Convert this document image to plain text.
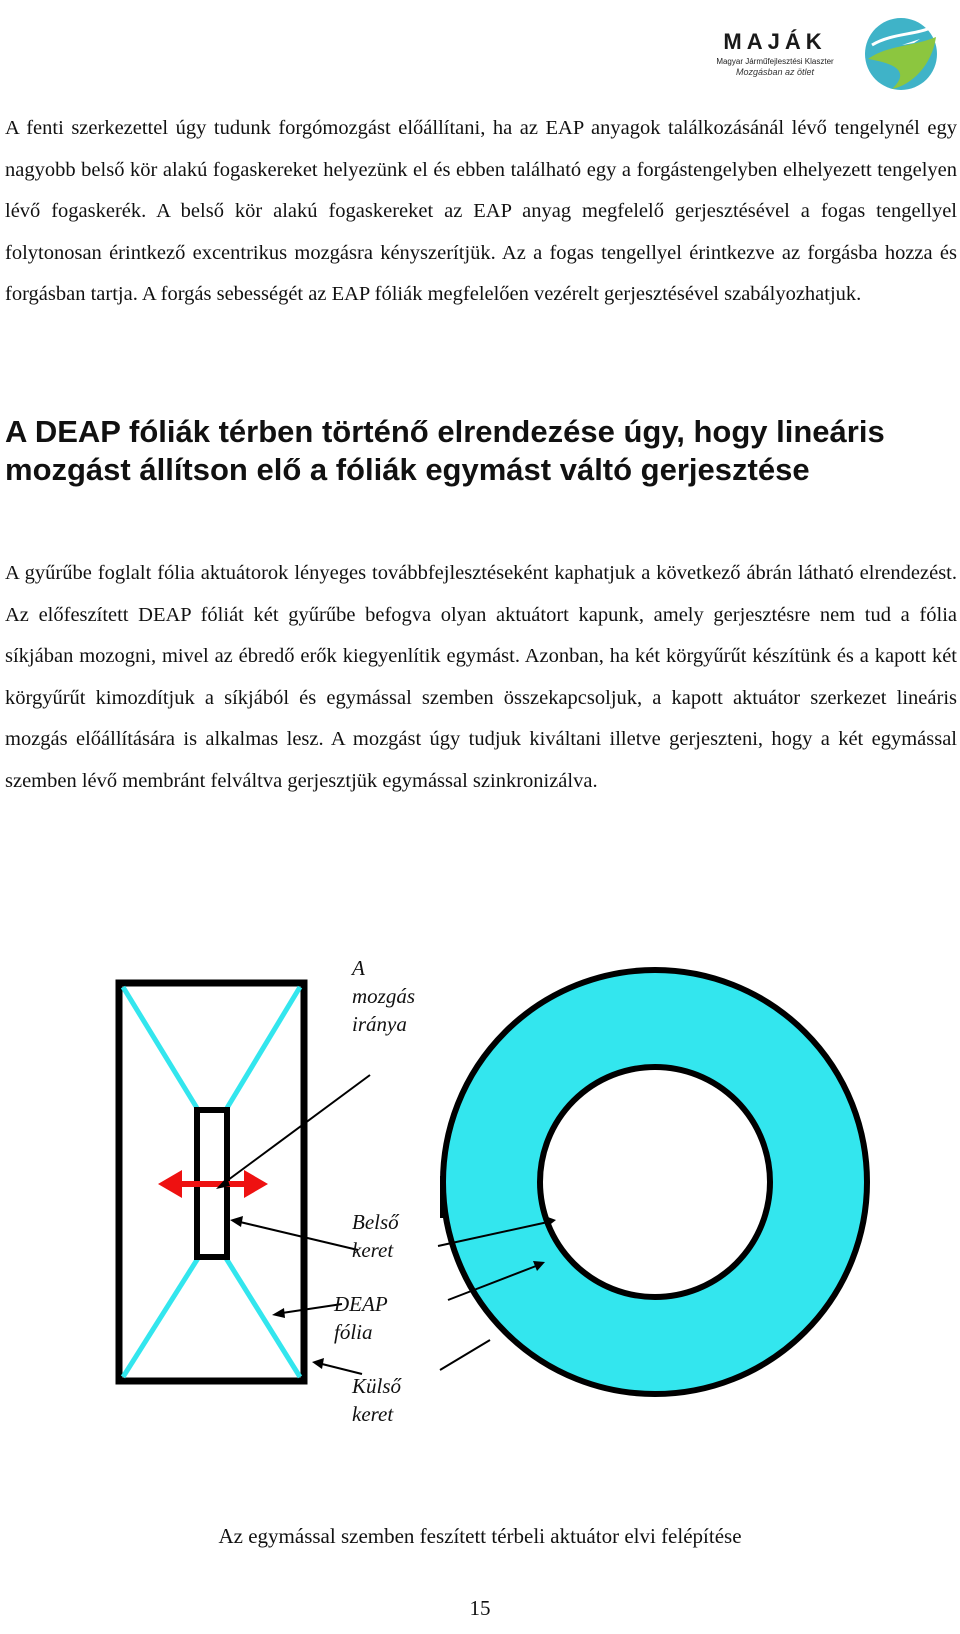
MAJÁK
Magyar Járműfejlesztési Klaszter
Mozgásban az ötlet

A fenti szerkezettel úgy tudunk forgómozgást előállítani, ha az EAP anyagok találkozásánál lévő tengelynél egy nagyobb belső kör alakú fogaskereket helyezünk el és ebben található egy a forgástengelyben elhelyezett tengelyen lévő fogaskerék. A belső kör alakú fogaskereket az EAP anyag megfelelő gerjesztésével a fogas tengellyel folytonosan érintkező excentrikus mozgásra kényszerítjük. Az a fogas tengellyel érintkezve az forgásba hozza és forgásban tartja. A forgás sebességét az EAP fóliák megfelelően vezérelt gerjesztésével szabályozhatjuk.

A DEAP fóliák térben történő elrendezése úgy, hogy lineáris mozgást állítson elő a fóliák egymást váltó gerjesztése

A gyűrűbe foglalt fólia aktuátorok lényeges továbbfejlesztéseként kaphatjuk a következő ábrán látható elrendezést. Az előfeszített DEAP fóliát két gyűrűbe befogva olyan aktuátort kapunk, amely gerjesztésre nem tud a fólia síkjában mozogni, mivel az ébredő erők kiegyenlítik egymást. Azonban, ha két körgyűrűt készítünk és a kapott két körgyűrűt kimozdítjuk a síkjából és egymással szemben összekapcsoljuk, a kapott aktuátor szerkezet lineáris mozgás előállítására is alkalmas lesz. A mozgást úgy tudjuk kiváltani illetve gerjeszteni, hogy a két egymással szemben lévő membránt felváltva gerjesztjük egymással szinkronizálva.

A
mozgás
iránya
Belső
keret
DEAP
fólia
Külső
keret
Az egymással szemben feszített térbeli aktuátor elvi felépítése
15
